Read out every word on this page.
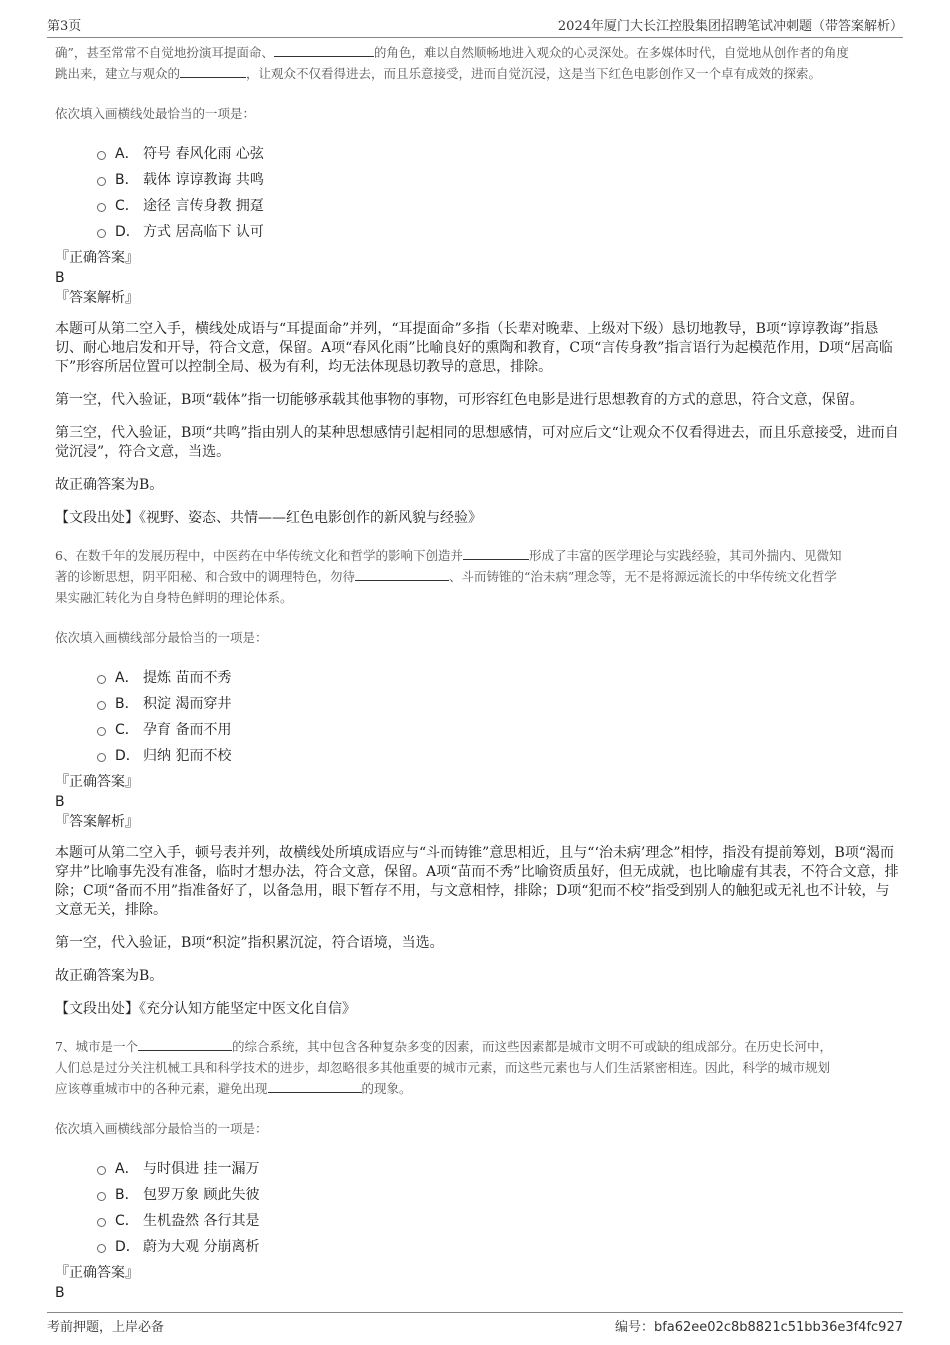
第3页	2024年厦门大长江控股集团招聘笔试冲刺题（带答案解析）

确”，甚至常常不自觉地扮演耳提面命、	的角色，难以自然顺畅地进入观众的心灵深处。在多媒体时代，自觉地从创作者的角度
跳出来，建立与观众的	，让观众不仅看得进去，而且乐意接受，进而自觉沉浸，这是当下红色电影创作又一个卓有成效的探索。

依次填入画横线处最恰当的一项是：

A． 符号 春风化雨 心弦
B． 载体 谆谆教诲 共鸣
C． 途径 言传身教 拥趸
D． 方式 居高临下 认可

『正确答案』

B

『答案解析』

本题可从第二空入手，横线处成语与“耳提面命”并列，“耳提面命”多指（长辈对晚辈、上级对下级）恳切地教导，B项“谆谆教诲”指恳切、耐心地启发和开导，符合文意，保留。A项“春风化雨”比喻良好的熏陶和教育，C项“言传身教”指言语行为起模范作用，D项“居高临下”形容所居位置可以控制全局、极为有利，均无法体现恳切教导的意思，排除。

第一空，代入验证，B项“载体”指一切能够承载其他事物的事物，可形容红色电影是进行思想教育的方式的意思，符合文意，保留。

第三空，代入验证，B项“共鸣”指由别人的某种思想感情引起相同的思想感情，可对应后文“让观众不仅看得进去，而且乐意接受，进而自觉沉浸”，符合文意，当选。

故正确答案为B。

【文段出处】《视野、姿态、共情——红色电影创作的新风貌与经验》

6、在数千年的发展历程中，中医药在中华传统文化和哲学的影响下创造并	形成了丰富的医学理论与实践经验，其司外揣内、见微知
著的诊断思想，阴平阳秘、和合致中的调理特色，勿待	、斗而铸锥的“治未病”理念等，无不是将源远流长的中华传统文化哲学
果实融汇转化为自身特色鲜明的理论体系。

依次填入画横线部分最恰当的一项是：

A． 提炼 苗而不秀
B． 积淀 渴而穿井
C． 孕育 备而不用
D． 归纳 犯而不校

『正确答案』

B

『答案解析』

本题可从第二空入手，顿号表并列，故横线处所填成语应与“斗而铸锥”意思相近，且与“‘治未病’理念”相悖，指没有提前筹划，B项“渴而穿井”比喻事先没有准备，临时才想办法，符合文意，保留。A项“苗而不秀”比喻资质虽好，但无成就，也比喻虚有其表，不符合文意，排除；C项“备而不用”指准备好了，以备急用，眼下暂存不用，与文意相悖，排除；D项“犯而不校”指受到别人的触犯或无礼也不计较，与文意无关，排除。

第一空，代入验证，B项“积淀”指积累沉淀，符合语境，当选。

故正确答案为B。

【文段出处】《充分认知方能坚定中医文化自信》

7、城市是一个	的综合系统，其中包含各种复杂多变的因素，而这些因素都是城市文明不可或缺的组成部分。在历史长河中，
人们总是过分关注机械工具和科学技术的进步，却忽略很多其他重要的城市元素，而这些元素也与人们生活紧密相连。因此，科学的城市规划
应该尊重城市中的各种元素，避免出现	的现象。

依次填入画横线部分最恰当的一项是：

A． 与时俱进 挂一漏万
B． 包罗万象 顾此失彼
C． 生机盎然 各行其是
D． 蔚为大观 分崩离析

『正确答案』

B

考前押题，上岸必备	编号：bfa62ee02c8b8821c51bb36e3f4fc927
